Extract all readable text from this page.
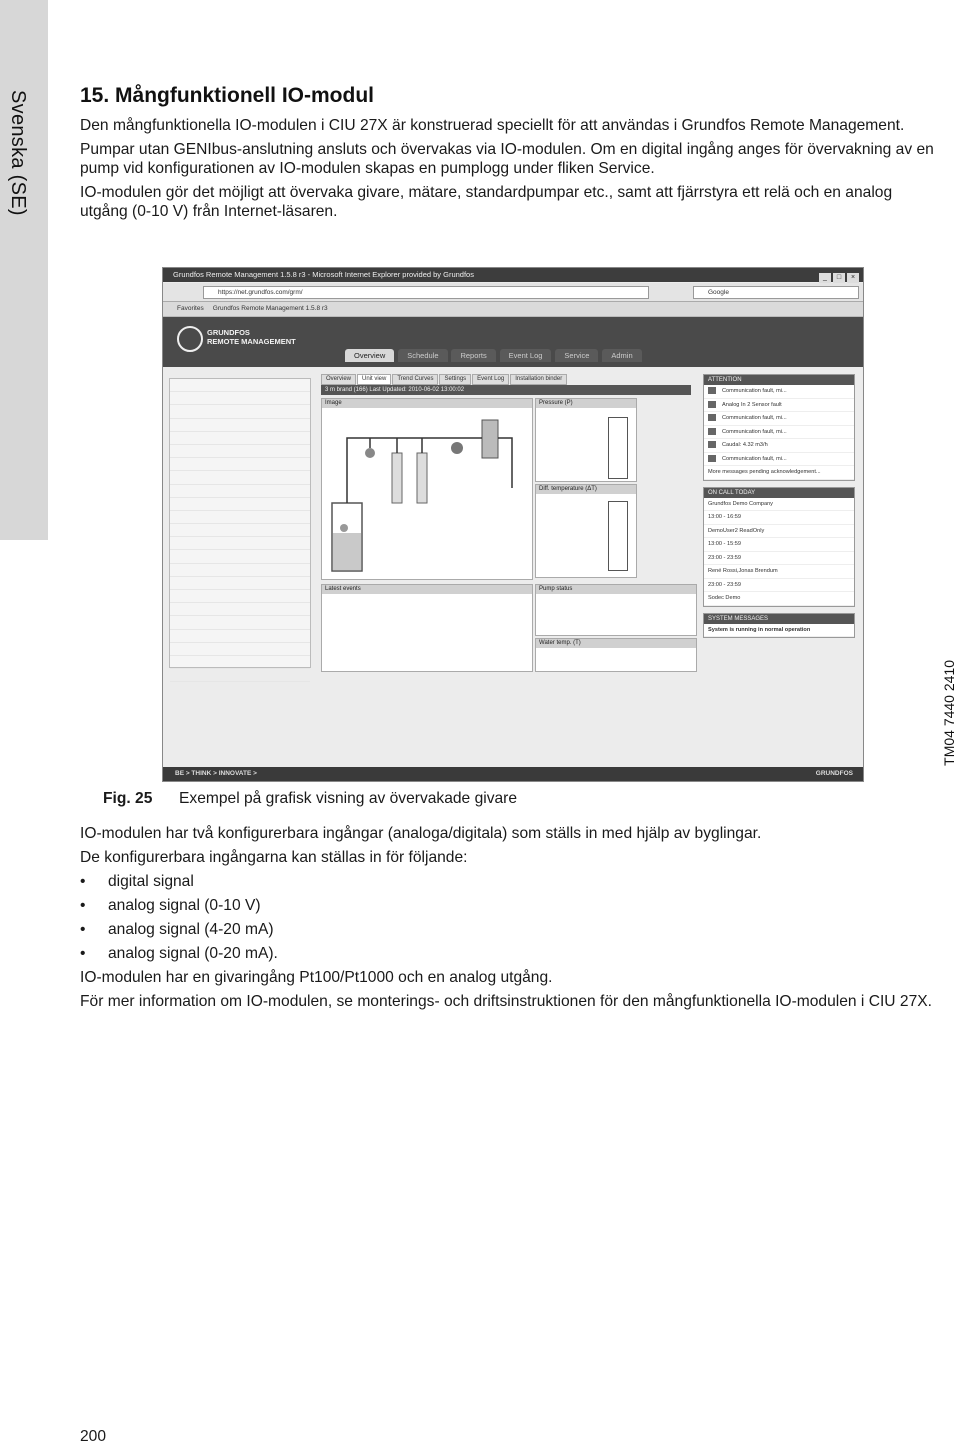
Svenska (SE) 15. Mångfunktionell IO-modul

Den mångfunktionella IO-modulen i CIU 27X är konstruerad speciellt för att användas i Grundfos Remote Management.

Pumpar utan GENIbus-anslutning ansluts och övervakas via IO-modulen. Om en digital ingång anges för övervakning av en pump vid konfigurationen av IO-modulen skapas en pumplogg under fliken Service.

IO-modulen gör det möjligt att övervaka givare, mätare, standardpumpar etc., samt att fjärrstyra ett relä och en analog utgång (0-10 V) från Internet-läsaren.

Grundfos Remote Management 1.5.8 r3 - Microsoft Internet Explorer provided by Grundfos	_ □ ×
https://net.grundfos.com/grm/	Google
Favorites Grundfos Remote Management 1.5.8 r3
GRUNDFOS
REMOTE MANAGEMENT
Overview	Schedule	Reports	Event Log	Service	Admin
Overview Unit view Trend Curves Settings Event Log Installation binder
3 m brand (166) Last Updated: 2010-06-02 13:00:02
Image	Pressure (P)
Diff. temperature (ΔT)
Latest events	Pump status
Water temp. (T)
ATTENTION
Communication fault, mi...
Analog In 2 Sensor fault
Communication fault, mi...
Communication fault, mi...
Caudal: 4.32 m3/h
Communication fault, mi...
More messages pending acknowledgement...
ON CALL TODAY
Grundfos Demo Company
13:00 - 16:59
DemoUser2 ReadOnly
13:00 - 15:59
23:00 - 23:59
René Rossi,Jonas Brendum
23:00 - 23:59
Sodec Demo
SYSTEM MESSAGES
System is running in normal operation
BE > THINK > INNOVATE >	GRUNDFOS
TM04 7440 2410
Fig. 25 Exempel på grafisk visning av övervakade givare

IO-modulen har två konfigurerbara ingångar (analoga/digitala) som ställs in med hjälp av byglingar.

De konfigurerbara ingångarna kan ställas in för följande:

• digital signal
• analog signal (0-10 V)
• analog signal (4-20 mA)
• analog signal (0-20 mA).

IO-modulen har en givaringång Pt100/Pt1000 och en analog utgång.

För mer information om IO-modulen, se monterings- och driftsinstruktionen för den mångfunktionella IO-modulen i CIU 27X.

200
